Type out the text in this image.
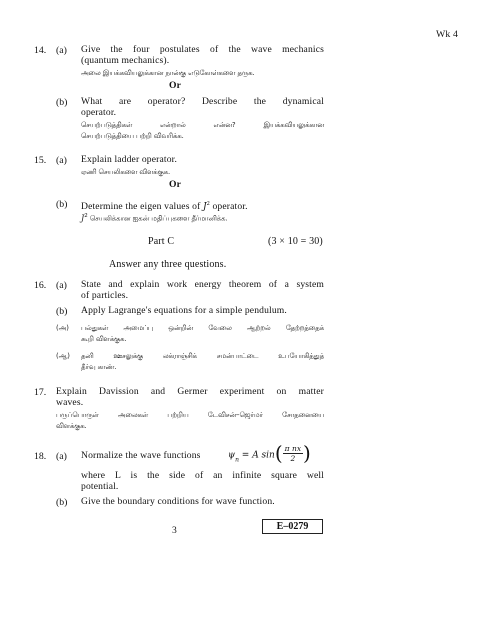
Wk 4
14. (a) Give the four postulates of the wave mechanics
(quantum mechanics).
அலை இயக்கவியலுக்கான நான்கு எடுகோள்களை தருக.
Or
(b) What are operator? Describe the dynamical
operator.
செயற்படுத்திகள் என்றால் என்ன? இயக்கவியலுக்கான
செயற்படுத்தியை பற்றி விவரிக்க.
15. (a) Explain ladder operator.
ஏணி செயலிகளை விளக்குக.
Or
(b) Determine the eigen values of $J^2$ operator.
$J^2$ செயலிக்கான ஐகன் மதிப்புகளை தீர்மானிக்க.
Part C	(3 × 10 = 30)
Answer any three questions.
16. (a) State and explain work energy theorem of a system
of particles.
(b) Apply Lagrange's equations for a simple pendulum.
(அ) பல்துகள் அமைப்பு ஒன்றின் வேலை ஆற்றல் தேற்றத்தைக்
கூறி விளக்குக.
(ஆ) தனி ஊசலுக்கு லக்ராஞ்சிக் சமன்பாட்டை உபயோகித்துத்
தீர்வு காண்.
17. Explain Davission and Germer experiment on matter
waves.
பருப்பொருள் அலைகள் பற்றிய டேவிசன்–ஜெர்மர் சோதனையை
விளக்குக.
18. (a) Normalize the wave functions	$\psi_n = A$ $\sin( \frac{\text{π nx}}{2}$ )
where L is the side of an infinite square well
potential.
(b) Give the boundary conditions for wave function.
3	E–0279
